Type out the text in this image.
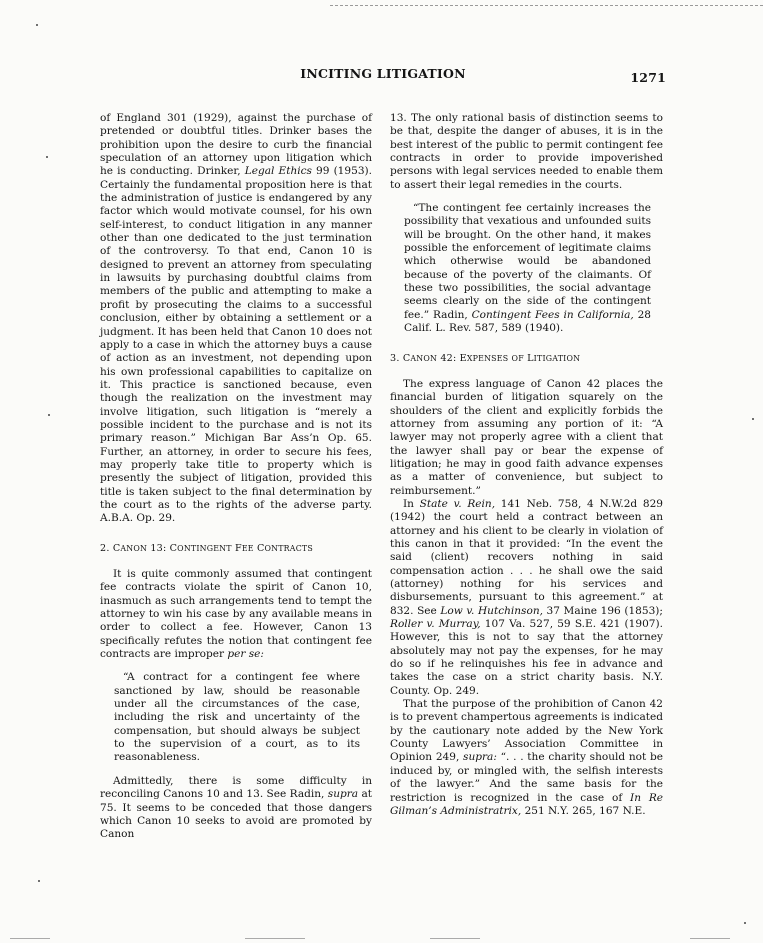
INCITING LITIGATION	1271

of England 301 (1929), against the purchase of pretended or doubtful titles. Drinker bases the prohibition upon the desire to curb the financial speculation of an attorney upon litigation which he is conducting. Drinker, Legal Ethics 99 (1953). Certainly the fundamental proposition here is that the administration of justice is endangered by any factor which would motivate counsel, for his own self-interest, to conduct litigation in any manner other than one dedicated to the just termination of the controversy. To that end, Canon 10 is designed to prevent an attorney from speculating in lawsuits by purchasing doubtful claims from members of the public and attempting to make a profit by prosecuting the claims to a successful conclusion, either by obtaining a settlement or a judgment. It has been held that Canon 10 does not apply to a case in which the attorney buys a cause of action as an investment, not depending upon his own professional capabilities to capitalize on it. This practice is sanctioned because, even though the realization on the investment may involve litigation, such litigation is “merely a possible incident to the purchase and is not its primary reason.” Michigan Bar Ass’n Op. 65. Further, an attorney, in order to secure his fees, may properly take title to property which is presently the subject of litigation, provided this title is taken subject to the final determination by the court as to the rights of the adverse party. A.B.A. Op. 29.

2. CANON 13: CONTINGENT FEE CONTRACTS

It is quite commonly assumed that contingent fee contracts violate the spirit of Canon 10, inasmuch as such arrangements tend to tempt the attorney to win his case by any available means in order to collect a fee. However, Canon 13 specifically refutes the notion that contingent fee contracts are improper per se:

“A contract for a contingent fee where sanctioned by law, should be reasonable under all the circumstances of the case, including the risk and uncertainty of the compensation, but should always be subject to the supervision of a court, as to its reasonableness.

Admittedly, there is some difficulty in reconciling Canons 10 and 13. See Radin, supra at 75. It seems to be conceded that those dangers which Canon 10 seeks to avoid are promoted by Canon

13. The only rational basis of distinction seems to be that, despite the danger of abuses, it is in the best interest of the public to permit contingent fee contracts in order to provide impoverished persons with legal services needed to enable them to assert their legal remedies in the courts.

“The contingent fee certainly increases the possibility that vexatious and unfounded suits will be brought. On the other hand, it makes possible the enforcement of legitimate claims which otherwise would be abandoned because of the poverty of the claimants. Of these two possibilities, the social advantage seems clearly on the side of the contingent fee.” Radin, Contingent Fees in California, 28 Calif. L. Rev. 587, 589 (1940).

3. CANON 42: EXPENSES OF LITIGATION

The express language of Canon 42 places the financial burden of litigation squarely on the shoulders of the client and explicitly forbids the attorney from assuming any portion of it: “A lawyer may not properly agree with a client that the lawyer shall pay or bear the expense of litigation; he may in good faith advance expenses as a matter of convenience, but subject to reimbursement.”

In State v. Rein, 141 Neb. 758, 4 N.W.2d 829 (1942) the court held a contract between an attorney and his client to be clearly in violation of this canon in that it provided: “In the event the said (client) recovers nothing in said compensation action . . . he shall owe the said (attorney) nothing for his services and disbursements, pursuant to this agreement.” at 832. See Low v. Hutchinson, 37 Maine 196 (1853); Roller v. Murray, 107 Va. 527, 59 S.E. 421 (1907). However, this is not to say that the attorney absolutely may not pay the expenses, for he may do so if he relinquishes his fee in advance and takes the case on a strict charity basis. N.Y. County. Op. 249.

That the purpose of the prohibition of Canon 42 is to prevent champertous agreements is indicated by the cautionary note added by the New York County Lawyers’ Association Committee in Opinion 249, supra: “. . . the charity should not be induced by, or mingled with, the selfish interests of the lawyer.” And the same basis for the restriction is recognized in the case of In Re Gilman’s Administratrix, 251 N.Y. 265, 167 N.E.
